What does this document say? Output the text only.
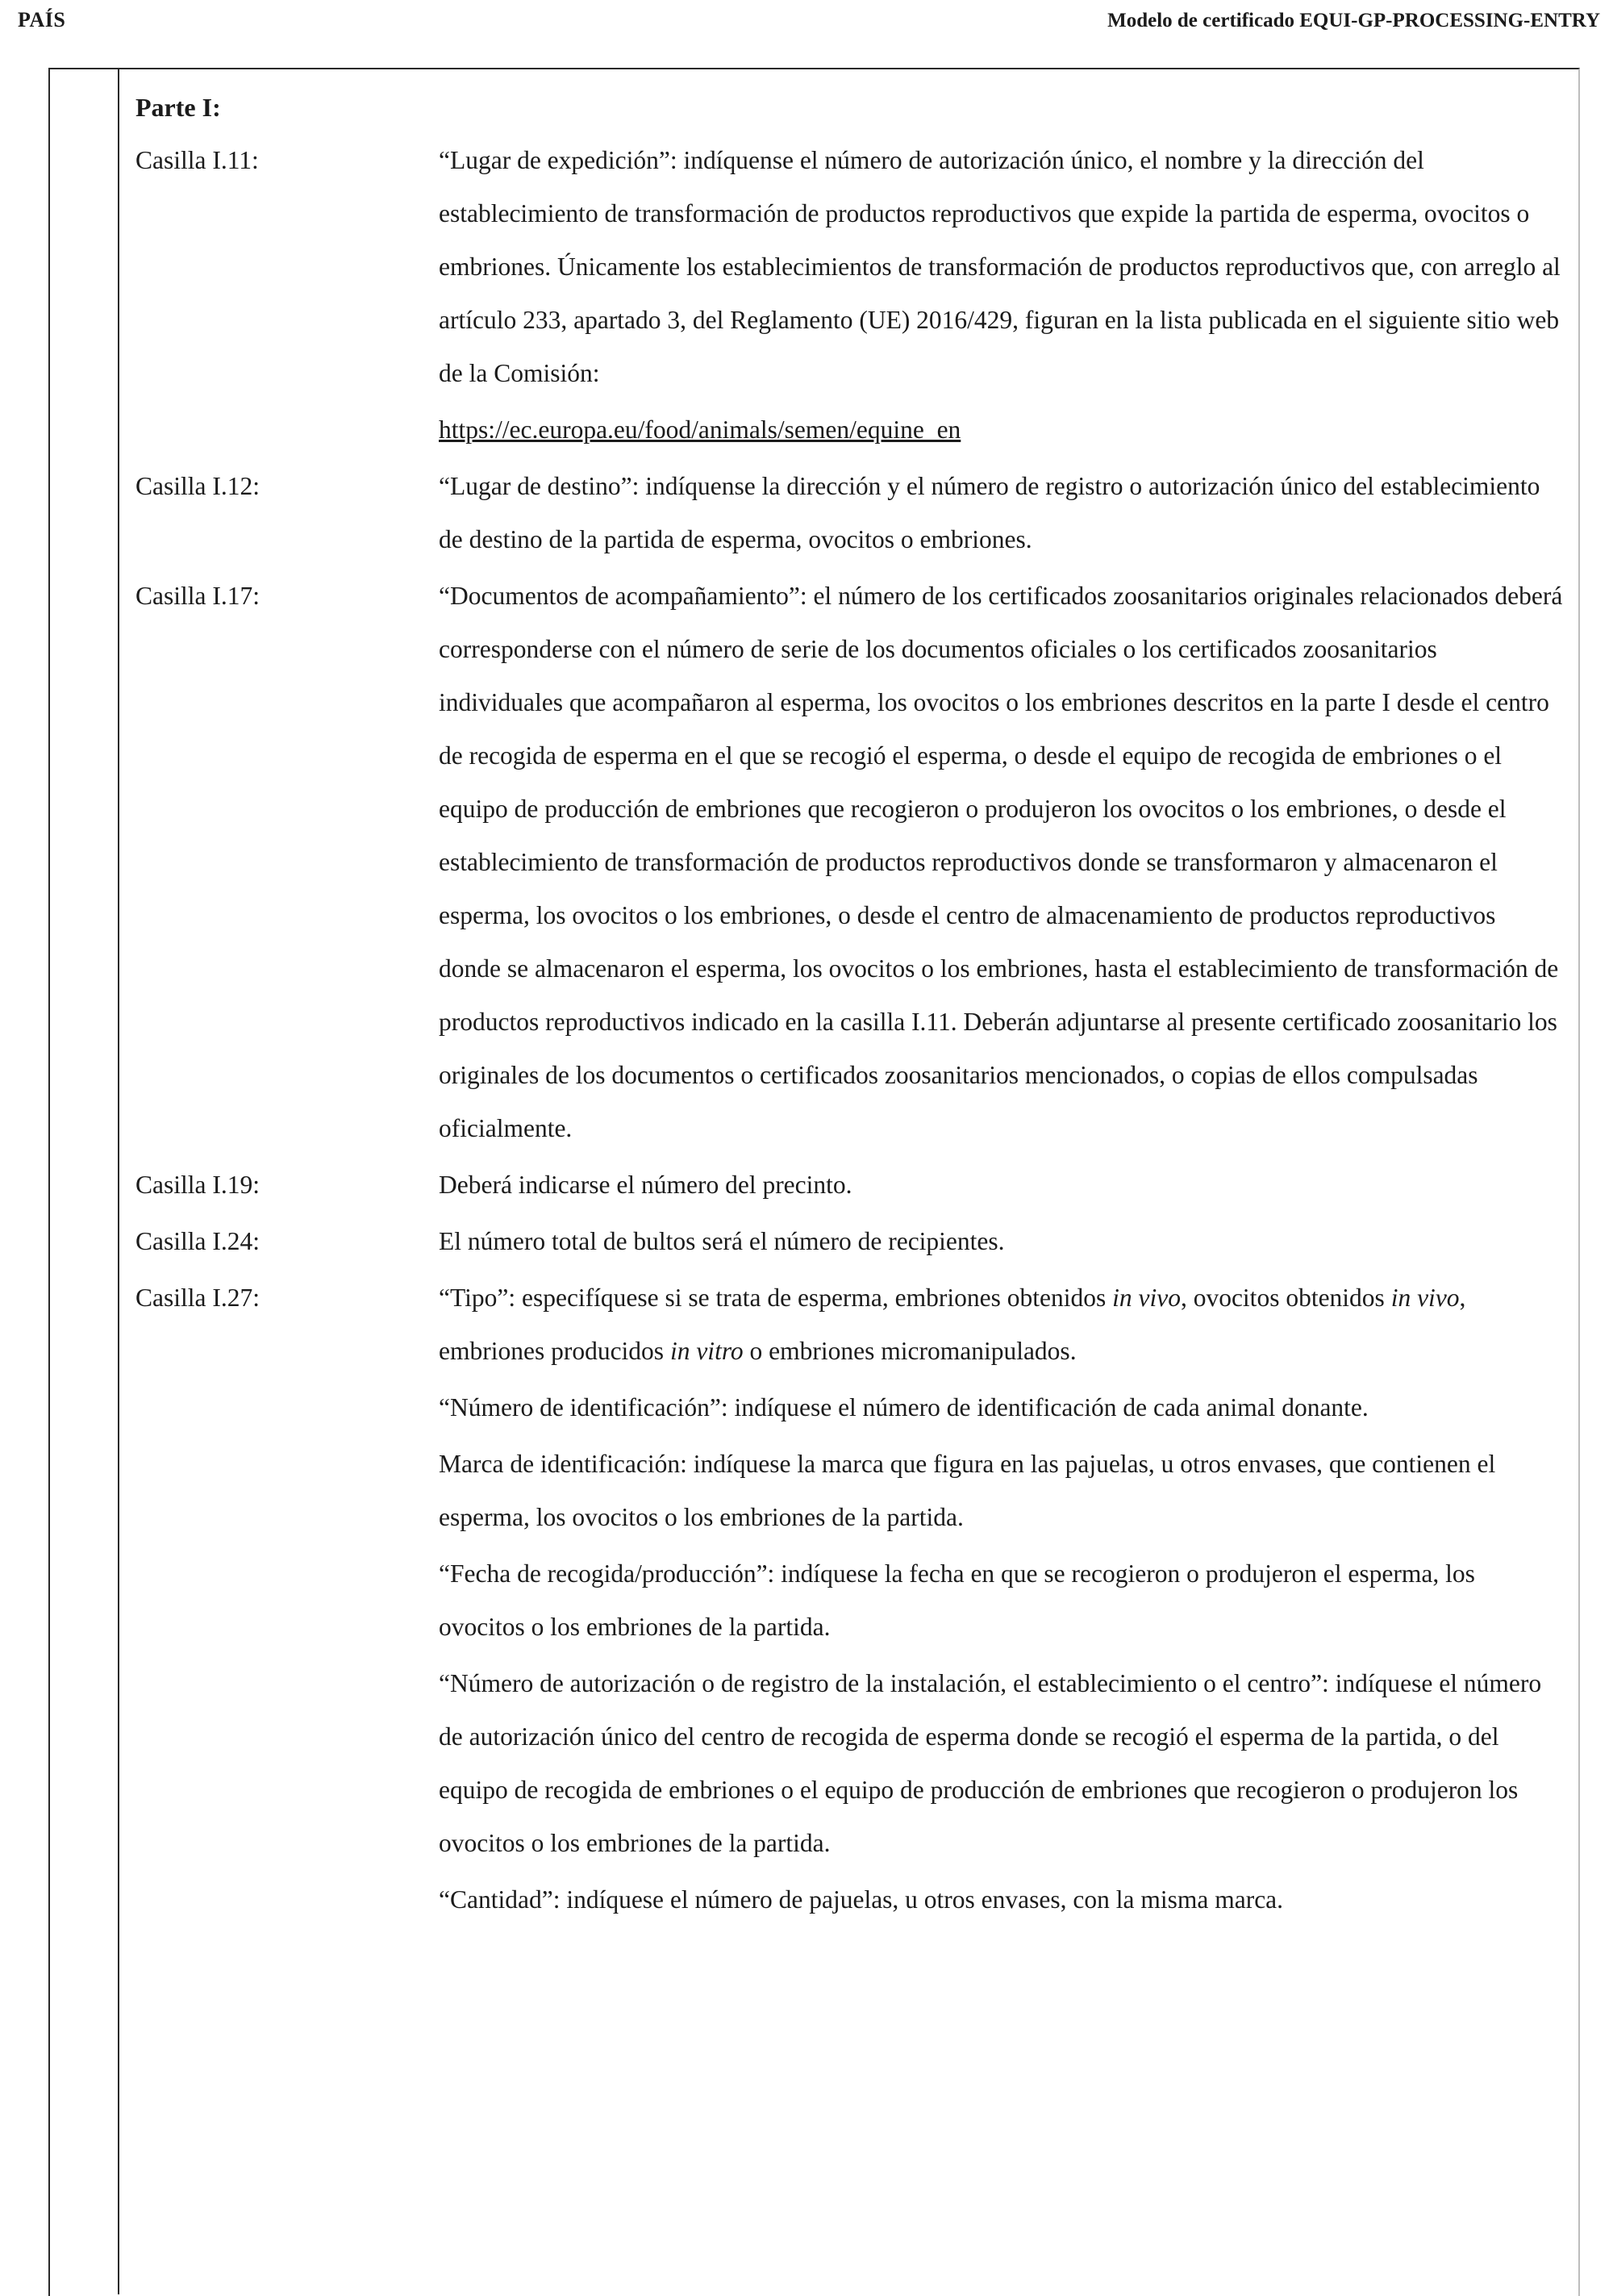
PAÍS	Modelo de certificado EQUI-GP-PROCESSING-ENTRY
Parte I:
Casilla I.11:	“Lugar de expedición”: indíquense el número de autorización único, el nombre y la dirección del establecimiento de transformación de productos reproductivos que expide la partida de esperma, ovocitos o embriones. Únicamente los establecimientos de transformación de productos reproductivos que, con arreglo al artículo 233, apartado 3, del Reglamento (UE) 2016/429, figuran en la lista publicada en el siguiente sitio web de la Comisión:
https://ec.europa.eu/food/animals/semen/equine_en
Casilla I.12:	“Lugar de destino”: indíquense la dirección y el número de registro o autorización único del establecimiento de destino de la partida de esperma, ovocitos o embriones.
Casilla I.17:	“Documentos de acompañamiento”: el número de los certificados zoosanitarios originales relacionados deberá corresponderse con el número de serie de los documentos oficiales o los certificados zoosanitarios individuales que acompañaron al esperma, los ovocitos o los embriones descritos en la parte I desde el centro de recogida de esperma en el que se recogió el esperma, o desde el equipo de recogida de embriones o el equipo de producción de embriones que recogieron o produjeron los ovocitos o los embriones, o desde el establecimiento de transformación de productos reproductivos donde se transformaron y almacenaron el esperma, los ovocitos o los embriones, o desde el centro de almacenamiento de productos reproductivos donde se almacenaron el esperma, los ovocitos o los embriones, hasta el establecimiento de transformación de productos reproductivos indicado en la casilla I.11. Deberán adjuntarse al presente certificado zoosanitario los originales de los documentos o certificados zoosanitarios mencionados, o copias de ellos compulsadas oficialmente.
Casilla I.19:	Deberá indicarse el número del precinto.
Casilla I.24:	El número total de bultos será el número de recipientes.
Casilla I.27:	“Tipo”: especifíquese si se trata de esperma, embriones obtenidos in vivo, ovocitos obtenidos in vivo, embriones producidos in vitro o embriones micromanipulados.
“Número de identificación”: indíquese el número de identificación de cada animal donante.
Marca de identificación: indíquese la marca que figura en las pajuelas, u otros envases, que contienen el esperma, los ovocitos o los embriones de la partida.
“Fecha de recogida/producción”: indíquese la fecha en que se recogieron o produjeron el esperma, los ovocitos o los embriones de la partida.
“Número de autorización o de registro de la instalación, el establecimiento o el centro”: indíquese el número de autorización único del centro de recogida de esperma donde se recogió el esperma de la partida, o del equipo de recogida de embriones o el equipo de producción de embriones que recogieron o produjeron los ovocitos o los embriones de la partida.
“Cantidad”: indíquese el número de pajuelas, u otros envases, con la misma marca.
